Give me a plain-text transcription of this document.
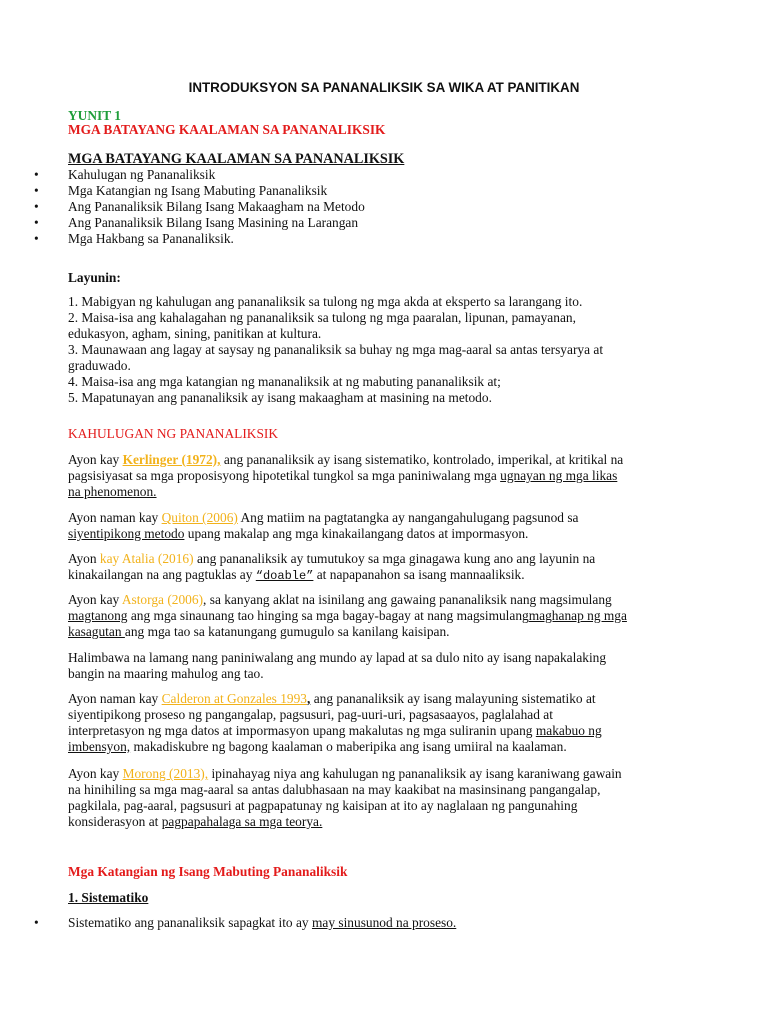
INTRODUKSYON SA PANANALIKSIK SA WIKA AT PANITIKAN
YUNIT 1
MGA BATAYANG KAALAMAN SA PANANALIKSIK
MGA BATAYANG KAALAMAN SA PANANALIKSIK
• Kahulugan ng Pananaliksik
• Mga Katangian ng Isang Mabuting Pananaliksik
• Ang Pananaliksik Bilang Isang Makaagham na Metodo
• Ang Pananaliksik Bilang Isang Masining na Larangan
• Mga Hakbang sa Pananaliksik.
Layunin:
1. Mabigyan ng kahulugan ang pananaliksik sa tulong ng mga akda at eksperto sa larangang ito.
2. Maisa-isa ang kahalagahan ng pananaliksik sa tulong ng mga paaralan, lipunan, pamayanan,
edukasyon, agham, sining, panitikan at kultura.
3. Maunawaan ang lagay at saysay ng pananaliksik sa buhay ng mga mag-aaral sa antas tersyarya at
graduwado.
4. Maisa-isa ang mga katangian ng mananaliksik at ng mabuting pananaliksik at;
5. Mapatunayan ang pananaliksik ay isang makaagham at masining na metodo.
KAHULUGAN NG PANANALIKSIK
Ayon kay Kerlinger (1972), ang pananaliksik ay isang sistematiko, kontrolado, imperikal, at kritikal na
pagsisiyasat sa mga proposisyong hipotetikal tungkol sa mga paniniwalang mga ugnayan ng mga likas
na phenomenon.
Ayon naman kay Quiton (2006) Ang matiim na pagtatangka ay nangangahulugang pagsunod sa
siyentipikong metodo upang makalap ang mga kinakailangang datos at impormasyon.
Ayon kay Atalia (2016) ang pananaliksik ay tumutukoy sa mga ginagawa kung ano ang layunin na
kinakailangan na ang pagtuklas ay “doable” at napapanahon sa isang mannaaliksik.
Ayon kay Astorga (2006), sa kanyang aklat na isinilang ang gawaing pananaliksik nang magsimulang
magtanong ang mga sinaunang tao hinging sa mga bagay-bagay at nang magsimulangmaghanap ng mga
kasagutan ang mga tao sa katanungang gumugulo sa kanilang kaisipan.
Halimbawa na lamang nang paniniwalang ang mundo ay lapad at sa dulo nito ay isang napakalaking
bangin na maaring mahulog ang tao.
Ayon naman kay Calderon at Gonzales 1993, ang pananaliksik ay isang malayuning sistematiko at
siyentipikong proseso ng pangangalap, pagsusuri, pag-uuri-uri, pagsasaayos, paglalahad at
interpretasyon ng mga datos at impormasyon upang makalutas ng mga suliranin upang makabuo ng
imbensyon, makadiskubre ng bagong kaalaman o maberipika ang isang umiiral na kaalaman.
Ayon kay Morong (2013), ipinahayag niya ang kahulugan ng pananaliksik ay isang karaniwang gawain
na hinihiling sa mga mag-aaral sa antas dalubhasaan na may kaakibat na masinsinang pangangalap,
pagkilala, pag-aaral, pagsusuri at pagpapatunay ng kaisipan at ito ay naglalaan ng pangunahing
konsiderasyon at pagpapahalaga sa mga teorya.
Mga Katangian ng Isang Mabuting Pananaliksik
1. Sistematiko
• Sistematiko ang pananaliksik sapagkat ito ay may sinusunod na proseso.
